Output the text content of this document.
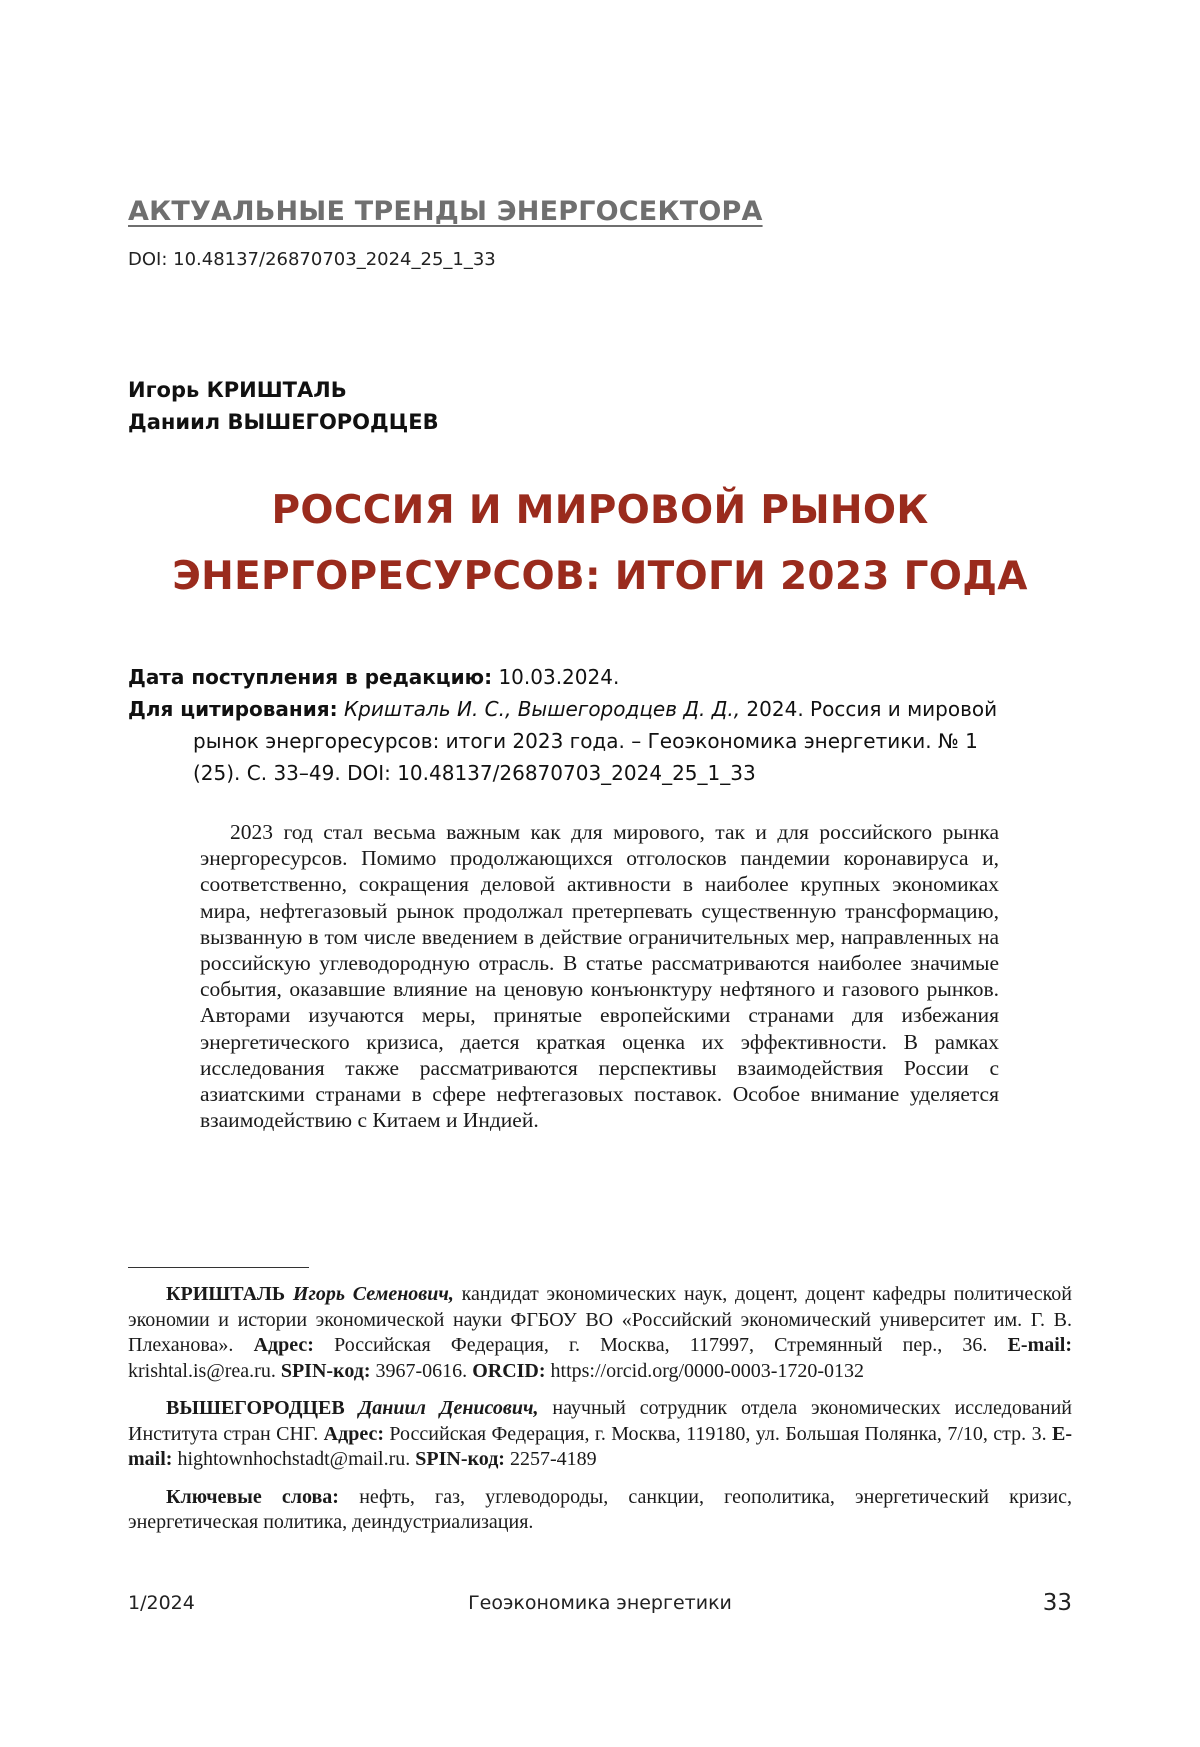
АКТУАЛЬНЫЕ ТРЕНДЫ ЭНЕРГОСЕКТОРА
DOI: 10.48137/26870703_2024_25_1_33
Игорь КРИШТАЛЬ
Даниил ВЫШЕГОРОДЦЕВ
РОССИЯ И МИРОВОЙ РЫНОК
ЭНЕРГОРЕСУРСОВ: ИТОГИ 2023 ГОДА

Дата поступления в редакцию: 10.03.2024.

Для цитирования: Кришталь И. С., Вышегородцев Д. Д., 2024. Россия и мировой рынок энергоресурсов: итоги 2023 года. – Геоэкономика энергетики. № 1 (25). С. 33–49. DOI: 10.48137/26870703_2024_25_1_33

2023 год стал весьма важным как для мирового, так и для российского рынка энергоресурсов. Помимо продолжающихся отголосков пандемии коронавируса и, соответственно, сокращения деловой активности в наиболее крупных экономиках мира, нефтегазовый рынок продолжал претерпевать существенную трансформацию, вызванную в том числе введением в действие ограничительных мер, направленных на российскую углеводородную отрасль. В статье рассматриваются наиболее значимые события, оказавшие влияние на ценовую конъюнктуру нефтяного и газового рынков. Авторами изучаются меры, принятые европейскими странами для избежания энергетического кризиса, дается краткая оценка их эффективности. В рамках исследования также рассматриваются перспективы взаимодействия России с азиатскими странами в сфере нефтегазовых поставок. Особое внимание уделяется взаимодействию с Китаем и Индией.

КРИШТАЛЬ Игорь Семенович, кандидат экономических наук, доцент, доцент кафедры политической экономии и истории экономической науки ФГБОУ ВО «Российский экономический университет им. Г. В. Плеханова». Адрес: Российская Федерация, г. Москва, 117997, Стремянный пер., 36. E-mail: krishtal.is@rea.ru. SPIN-код: 3967-0616. ORCID: https://orcid.org/0000-0003-1720-0132

ВЫШЕГОРОДЦЕВ Даниил Денисович, научный сотрудник отдела экономических исследований Института стран СНГ. Адрес: Российская Федерация, г. Москва, 119180, ул. Большая Полянка, 7/10, стр. 3. E-mail: hightownhochstadt@mail.ru. SPIN-код: 2257-4189

Ключевые слова: нефть, газ, углеводороды, санкции, геополитика, энергетический кризис, энергетическая политика, деиндустриализация.

1/2024	Геоэкономика энергетики	33
